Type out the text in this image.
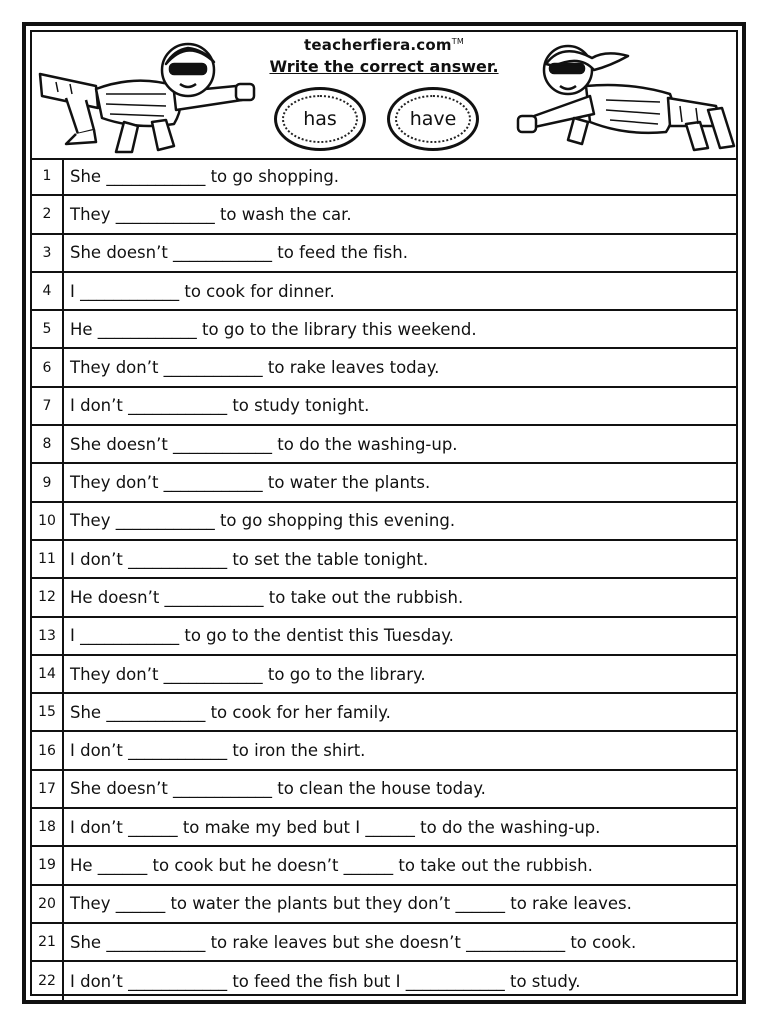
teacherfiera.com™
Write the correct answer.
has	have
1	She ____________ to go shopping.
2	They ____________ to wash the car.
3	She doesn’t ____________ to feed the fish.
4	I ____________ to cook for dinner.
5	He ____________ to go to the library this weekend.
6	They don’t ____________ to rake leaves today.
7	I don’t ____________ to study tonight.
8	She doesn’t ____________ to do the washing-up.
9	They don’t ____________ to water the plants.
10 They ____________ to go shopping this evening.
11 I don’t ____________ to set the table tonight.
12 He doesn’t ____________ to take out the rubbish.
13 I ____________ to go to the dentist this Tuesday.
14 They don’t ____________ to go to the library.
15 She ____________ to cook for her family.
16 I don’t ____________ to iron the shirt.
17 She doesn’t ____________ to clean the house today.
18 I don’t ______ to make my bed but I ______ to do the washing-up.
19 He ______ to cook but he doesn’t ______ to take out the rubbish.
20 They ______ to water the plants but they don’t ______ to rake leaves.
21 She ____________ to rake leaves but she doesn’t ____________ to cook.
22 I don’t ____________ to feed the fish but I ____________ to study.
